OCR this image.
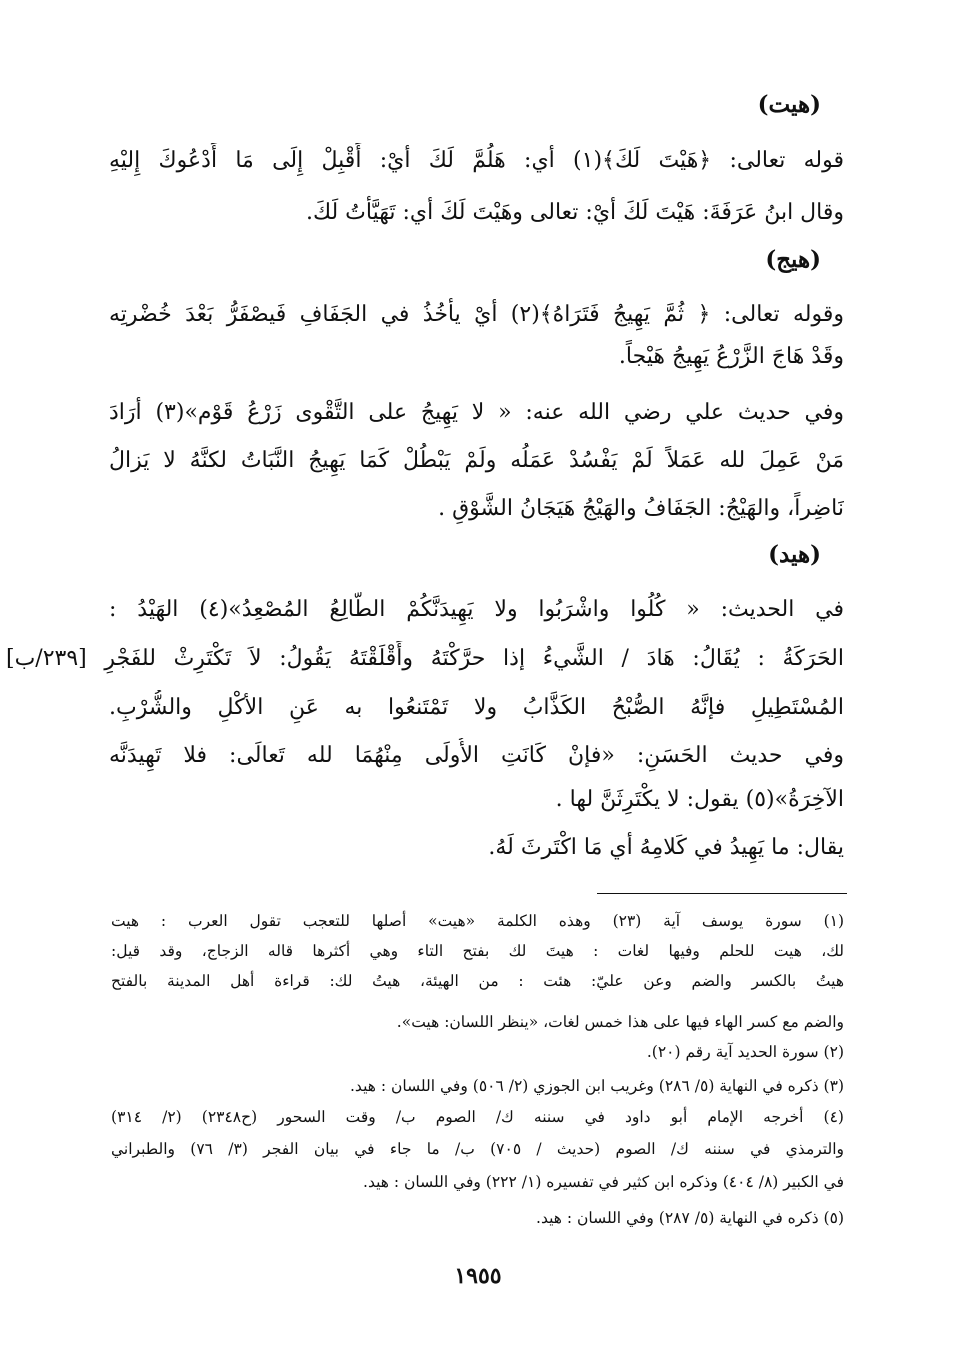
(هيت)
قوله تعالى: ﴿هَيْتَ لَكَ﴾(١) أي: هَلُمَّ لَكَ أيْ: أَقْبِلْ إِلَى مَا أَدْعُوكَ إِليْهِ
وقال ابنُ عَرَفَةَ: هَيْتَ لَكَ أيْ: تعالى وهَيْتَ لَكَ أي: تَهَيَّأْتُ لَكَ.
(هيج)
وقوله تعالى: ﴿ ثُمَّ يَهِيجُ فَتَرَاهُ﴾(٢) أيْ يأخُذُ في الجَفَافِ فَيصْفَرُّ بَعْدَ خُضْرتِه
وقَدْ هَاجَ الزَّرْعُ يَهِيجُ هَيْجاً.
وفي حديث علي رضي الله عنه: « لا يَهِيجُ على التَّقْوى زَرْعُ قَوْم»(٣) أرَادَ
مَنْ عَمِلَ لله عَمَلاً لَمْ يَفْسُدْ عَمَلُه ولَمْ يَبْطُلْ كَمَا يَهِيجُ النَّبَاتُ لكنَّهُ لا يَزالُ
نَاضِراً، والهَيْجُ: الجَفَافُ والهَيْجُ هَيَجَانُ الشَّوْقِ .
(هيد)
في الحديث: « كُلُوا واشْرَبُوا ولا يَهِيدَنَّكُمْ الطَّالِعُ المُصْعِدُ»(٤) الهَيْدُ :
الحَرَكَةُ : يُقَالُ: هَادَ / الشَّيءُ إذا حرَّكْتَهُ وأَقْلَقْتَهُ يَقُولُ: لاَ تَكْتَرِثْ للفَجْرِ [٢٣٩/ب]
المُسْتَطِيلِ فإنَّهُ الصُّبْحُ الكَذَّابُ ولا تَمْتَنعُوا به عَنِ الأكْلِ والشُّرْبِ.
وفي حديث الحَسَنِ: «فإنْ كَانَتِ الأُولَى مِنْهُمَا لله تَعالَى: فلا تَهِيدَنَّه
الآخِرَةُ»(٥) يقول: لا يكْتَرِثَنَّ لها .
يقال: ما يَهِيدُ في كَلامِهُ أي مَا اكْتَرثَ لَهُ.
(١) سورة يوسف آية (٢٣) وهذه الكلمة «هيت» أصلها للتعجب تقول العرب : هيت
لك، هيت للحلم وفيها لغات : هيتَ لك بفتح التاء وهي أكثرها قاله الزجاج، وقد قيل:
هيتُ بالكسر والضم وعن عليّ: هئت : من الهيئة، هيتُ لك: قراءة أهل المدينة بالفتح
والضم مع كسر الهاء فيها على هذا خمس لغات، «ينظر اللسان: هيت».
(٢) سورة الحديد آية رقم (٢٠).
(٣) ذكره في النهاية (٥/ ٢٨٦) وغريب ابن الجوزي (٢/ ٥٠٦) وفي اللسان : هيد.
(٤) أخرجه الإمام أبو داود في سننه ك/ الصوم ب/ وقت السحور (ح٢٣٤٨) (٢/ ٣١٤)
والترمذي في سننه ك/ الصوم (حديث / ٧٠٥) ب/ ما جاء في بيان الفجر (٣/ ٧٦) والطبراني
في الكبير (٨/ ٤٠٤) وذكره ابن كثير في تفسيره (١/ ٢٢٢) وفي اللسان : هيد.
(٥) ذكره في النهاية (٥/ ٢٨٧) وفي اللسان : هيد.
١٩٥٥
